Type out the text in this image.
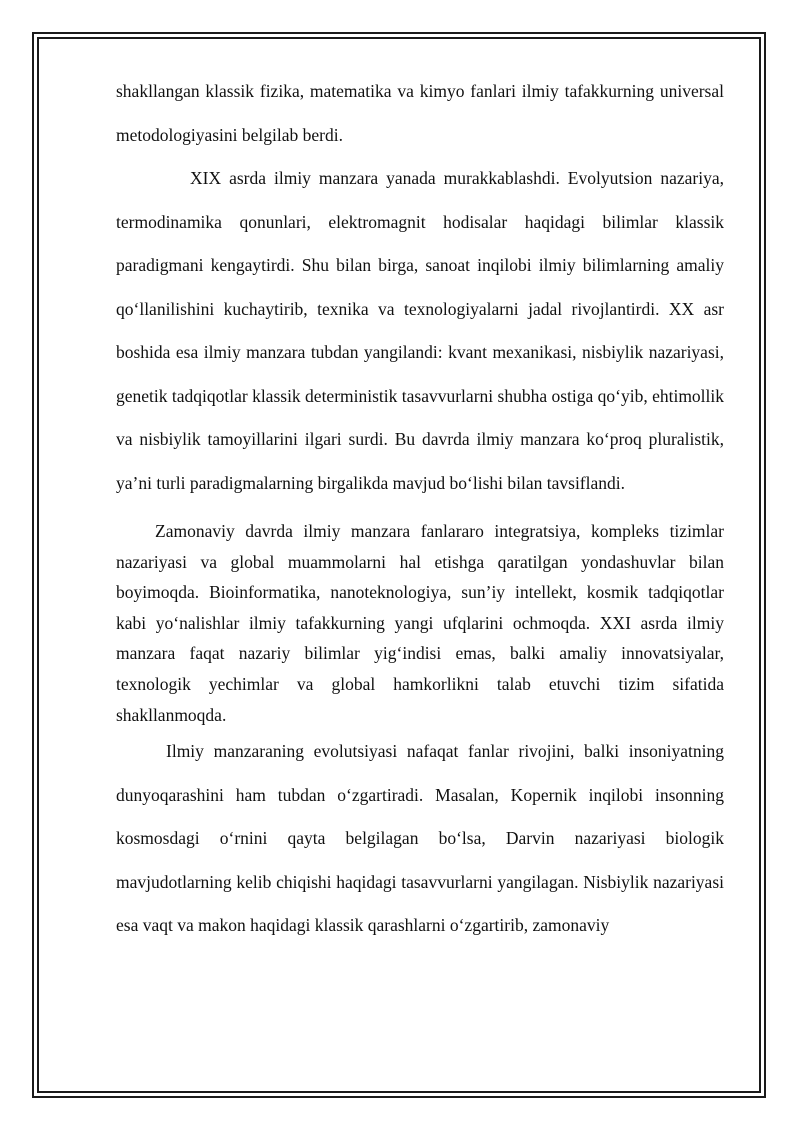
shakllangan klassik fizika, matematika va kimyo fanlari ilmiy tafakkurning universal metodologiyasini belgilab berdi.

XIX asrda ilmiy manzara yanada murakkablashdi. Evolyutsion nazariya, termodinamika qonunlari, elektromagnit hodisalar haqidagi bilimlar klassik paradigmani kengaytirdi. Shu bilan birga, sanoat inqilobi ilmiy bilimlarning amaliy qo‘llanilishini kuchaytirib, texnika va texnologiyalarni jadal rivojlantirdi. XX asr boshida esa ilmiy manzara tubdan yangilandi: kvant mexanikasi, nisbiylik nazariyasi, genetik tadqiqotlar klassik deterministik tasavvurlarni shubha ostiga qo‘yib, ehtimollik va nisbiylik tamoyillarini ilgari surdi. Bu davrda ilmiy manzara ko‘proq pluralistik, ya’ni turli paradigmalarning birgalikda mavjud bo‘lishi bilan tavsiflandi.

Zamonaviy davrda ilmiy manzara fanlararo integratsiya, kompleks tizimlar nazariyasi va global muammolarni hal etishga qaratilgan yondashuvlar bilan boyimoqda. Bioinformatika, nanoteknologiya, sun’iy intellekt, kosmik tadqiqotlar kabi yo‘nalishlar ilmiy tafakkurning yangi ufqlarini ochmoqda. XXI asrda ilmiy manzara faqat nazariy bilimlar yig‘indisi emas, balki amaliy innovatsiyalar, texnologik yechimlar va global hamkorlikni talab etuvchi tizim sifatida shakllanmoqda.

Ilmiy manzaraning evolutsiyasi nafaqat fanlar rivojini, balki insoniyatning dunyoqarashini ham tubdan o‘zgartiradi. Masalan, Kopernik inqilobi insonning kosmosdagi o‘rnini qayta belgilagan bo‘lsa, Darvin nazariyasi biologik mavjudotlarning kelib chiqishi haqidagi tasavvurlarni yangilagan. Nisbiylik nazariyasi esa vaqt va makon haqidagi klassik qarashlarni o‘zgartirib, zamonaviy
